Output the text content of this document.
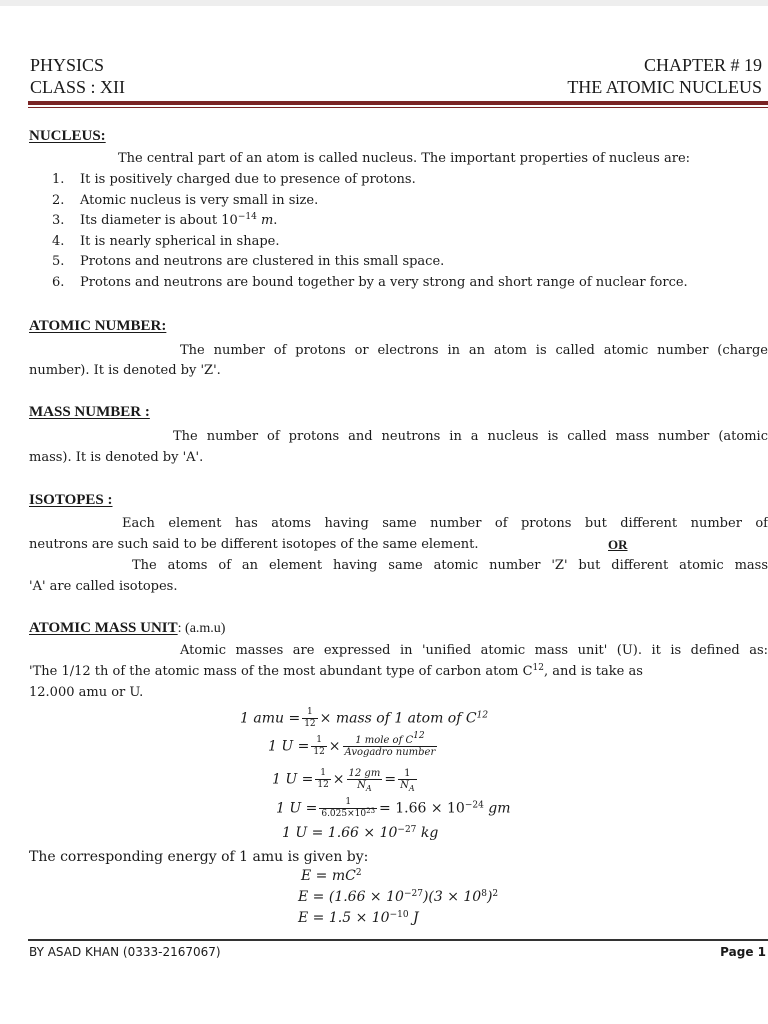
PHYSICS
CLASS : XII
CHAPTER # 19
THE ATOMIC NUCLEUS
NUCLEUS:
The central part of an atom is called nucleus. The important properties of nucleus are:
1. It is positively charged due to presence of protons.
2. Atomic nucleus is very small in size.
3. Its diameter is about $10^{-14}$ m.
4. It is nearly spherical in shape.
5. Protons and neutrons are clustered in this small space.
6. Protons and neutrons are bound together by a very strong and short range of nuclear force.
ATOMIC NUMBER:
The number of protons or electrons in an atom is called atomic number (charge
number). It is denoted by 'Z'.
MASS NUMBER :
The number of protons and neutrons in a nucleus is called mass number (atomic
mass). It is denoted by 'A'.
ISOTOPES :
Each element has atoms having same number of protons but different number of
neutrons are such said to be different isotopes of the same element.	OR
The atoms of an element having same atomic number 'Z' but different atomic mass
'A' are called isotopes.
ATOMIC MASS UNIT: (a.m.u)
Atomic masses are expressed in 'unified atomic mass unit' (U). it is defined as:
'The 1/12 th of the atomic mass of the most abundant type of carbon atom $C^{12}$, and is take as
12.000 amu or U.
1 amu = $\frac{1}{12}$ × mass of 1 atom of $C^{12}$
1 $U = \frac{1}{12} \times \frac{1 mole of C^{12}}{\text{Avogadro number}}$
1 $U = \frac{1}{12} \times \frac{12 gm}{N_A} = \frac{1}{N_A}$
1 $U = \frac{1}{6.025\times 10^{23}} = 1.66 \times 10^{-24}$ gm
1 $U = 1.66 \times 10^{-27}$ kg
The corresponding energy of 1 amu is given by:
$E = mC^2$
$E = (1.66 \times 10^{-27})(3 \times 10^8)^2$
$E = 1.5 \times 10^{-10}$ J
BY ASAD KHAN (0333-2167067)	Page 1
